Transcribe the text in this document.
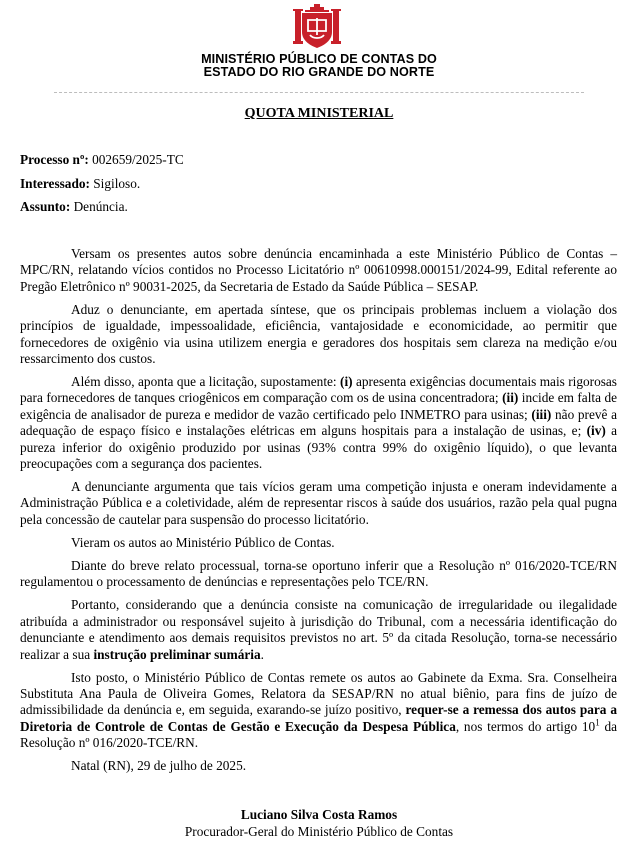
MINISTÉRIO PÚBLICO DE CONTAS DO
ESTADO DO RIO GRANDE DO NORTE
QUOTA MINISTERIAL
Processo nº: 002659/2025-TC
Interessado: Sigiloso.
Assunto: Denúncia.

Versam os presentes autos sobre denúncia encaminhada a este Ministério Público de Contas – MPC/RN, relatando vícios contidos no Processo Licitatório nº 00610998.000151/2024-99, Edital referente ao Pregão Eletrônico nº 90031-2025, da Secretaria de Estado da Saúde Pública – SESAP.

Aduz o denunciante, em apertada síntese, que os principais problemas incluem a violação dos princípios de igualdade, impessoalidade, eficiência, vantajosidade e economicidade, ao permitir que fornecedores de oxigênio via usina utilizem energia e geradores dos hospitais sem clareza na medição e/ou ressarcimento dos custos.

Além disso, aponta que a licitação, supostamente: (i) apresenta exigências documentais mais rigorosas para fornecedores de tanques criogênicos em comparação com os de usina concentradora; (ii) incide em falta de exigência de analisador de pureza e medidor de vazão certificado pelo INMETRO para usinas; (iii) não prevê a adequação de espaço físico e instalações elétricas em alguns hospitais para a instalação de usinas, e; (iv) a pureza inferior do oxigênio produzido por usinas (93% contra 99% do oxigênio líquido), o que levanta preocupações com a segurança dos pacientes.

A denunciante argumenta que tais vícios geram uma competição injusta e oneram indevidamente a Administração Pública e a coletividade, além de representar riscos à saúde dos usuários, razão pela qual pugna pela concessão de cautelar para suspensão do processo licitatório.

Vieram os autos ao Ministério Público de Contas.

Diante do breve relato processual, torna-se oportuno inferir que a Resolução nº 016/2020-TCE/RN regulamentou o processamento de denúncias e representações pelo TCE/RN.

Portanto, considerando que a denúncia consiste na comunicação de irregularidade ou ilegalidade atribuída a administrador ou responsável sujeito à jurisdição do Tribunal, com a necessária identificação do denunciante e atendimento aos demais requisitos previstos no art. 5º da citada Resolução, torna-se necessário realizar a sua instrução preliminar sumária.

Isto posto, o Ministério Público de Contas remete os autos ao Gabinete da Exma. Sra. Conselheira Substituta Ana Paula de Oliveira Gomes, Relatora da SESAP/RN no atual biênio, para fins de juízo de admissibilidade da denúncia e, em seguida, exarando-se juízo positivo, requer-se a remessa dos autos para a Diretoria de Controle de Contas de Gestão e Execução da Despesa Pública, nos termos do artigo $10^1$ da Resolução nº 016/2020-TCE/RN.

Natal (RN), 29 de julho de 2025.

Luciano Silva Costa Ramos
Procurador-Geral do Ministério Público de Contas
